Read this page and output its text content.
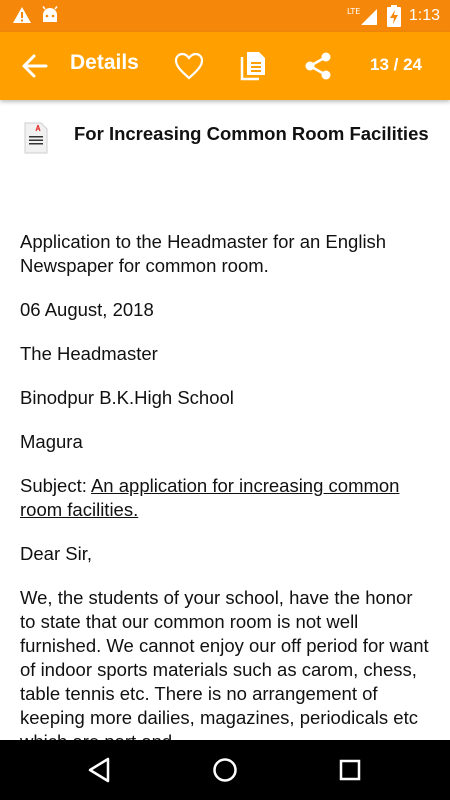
LTE	1:13
Details	13 / 24
For Increasing Common Room Facilities

Application to the Headmaster for an English Newspaper for common room.

06 August, 2018

The Headmaster

Binodpur B.K.High School

Magura

Subject: An application for increasing common room facilities.

Dear Sir,

We, the students of your school, have the honor to state that our common room is not well furnished. We cannot enjoy our off period for want of indoor sports materials such as carom, chess, table tennis etc. There is no arrangement of keeping more dailies, magazines, periodicals etc
